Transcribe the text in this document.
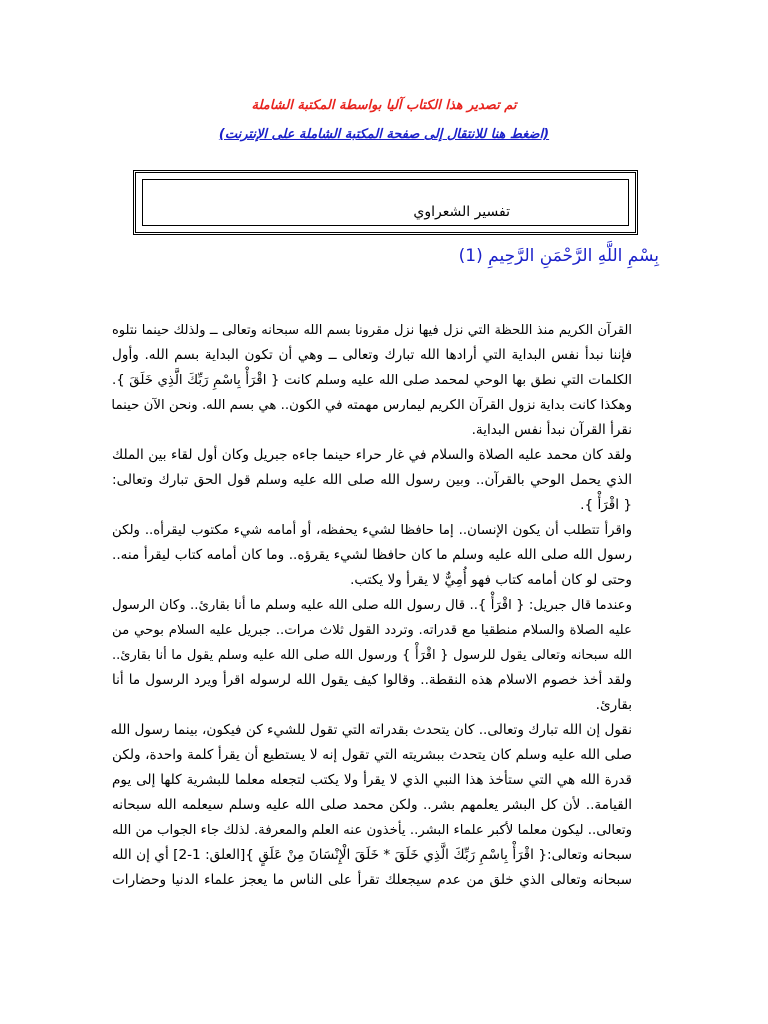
تم تصدير هذا الكتاب آليا بواسطة المكتبة الشاملة
(اضغط هنا للانتقال إلى صفحة المكتبة الشاملة على الإنترنت)
تفسير الشعراوي
بِسْمِ اللَّهِ الرَّحْمَنِ الرَّحِيمِ (1)
القرآن الكريم منذ اللحظة التي نزل فيها نزل مقرونا بسم الله سبحانه وتعالى ــ ولذلك حينما نتلوه
فإننا نبدأ نفس البداية التي أرادها الله تبارك وتعالى ــ وهي أن تكون البداية بسم الله. وأول
الكلمات التي نطق بها الوحي لمحمد صلى الله عليه وسلم كانت { اقْرَأْ بِاسْمِ رَبِّكَ الَّذِي خَلَقَ }.
وهكذا كانت بداية نزول القرآن الكريم ليمارس مهمته في الكون.. هي بسم الله. ونحن الآن حينما
نقرأ القرآن نبدأ نفس البداية.
ولقد كان محمد عليه الصلاة والسلام في غار حراء حينما جاءه جبريل وكان أول لقاء بين الملك
الذي يحمل الوحي بالقرآن.. وبين رسول الله صلى الله عليه وسلم قول الحق تبارك وتعالى:
{ اقْرَأْ }.
واقرأ تتطلب أن يكون الإنسان.. إما حافظا لشيء يحفظه، أو أمامه شيء مكتوب ليقرأه.. ولكن
رسول الله صلى الله عليه وسلم ما كان حافظا لشيء يقرؤه.. وما كان أمامه كتاب ليقرأ منه..
وحتى لو كان أمامه كتاب فهو أُمِيٌّ لا يقرأ ولا يكتب.
وعندما قال جبريل: { اقْرَأْ }.. قال رسول الله صلى الله عليه وسلم ما أنا بقارئ.. وكان الرسول
عليه الصلاة والسلام منطقيا مع قدراته. وتردد القول ثلاث مرات.. جبريل عليه السلام بوحي من
الله سبحانه وتعالى يقول للرسول { اقْرَأْ } ورسول الله صلى الله عليه وسلم يقول ما أنا بقارئ..
ولقد أخذ خصوم الاسلام هذه النقطة.. وقالوا كيف يقول الله لرسوله اقرأ ويرد الرسول ما أنا
بقارئ.
نقول إن الله تبارك وتعالى.. كان يتحدث بقدراته التي تقول للشيء كن فيكون، بينما رسول الله
صلى الله عليه وسلم كان يتحدث ببشريته التي تقول إنه لا يستطيع أن يقرأ كلمة واحدة، ولكن
قدرة الله هي التي ستأخذ هذا النبي الذي لا يقرأ ولا يكتب لتجعله معلما للبشرية كلها إلى يوم
القيامة.. لأن كل البشر يعلمهم بشر.. ولكن محمد صلى الله عليه وسلم سيعلمه الله سبحانه
وتعالى.. ليكون معلما لأكبر علماء البشر.. يأخذون عنه العلم والمعرفة. لذلك جاء الجواب من الله
سبحانه وتعالى:{ اقْرَأْ بِاسْمِ رَبِّكَ الَّذِي خَلَقَ * خَلَقَ الْإِنْسَانَ مِنْ عَلَقٍ }[العلق: 1-2] أي إن الله
سبحانه وتعالى الذي خلق من عدم سيجعلك تقرأ على الناس ما يعجز علماء الدنيا وحضارات
